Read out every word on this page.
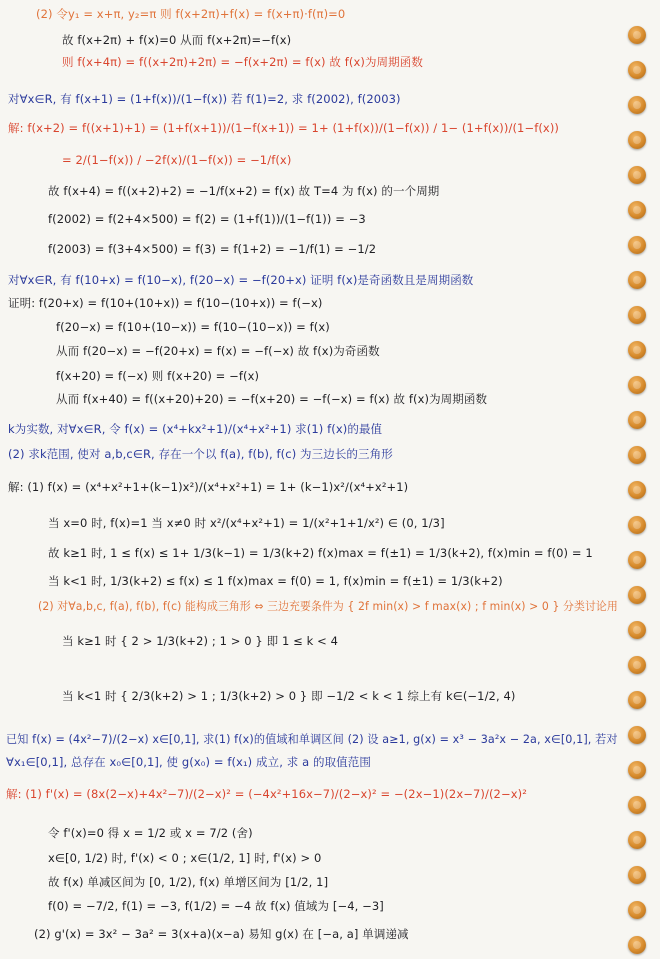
(2) 令y₁ = x+π, y₂=π 则 f(x+2π)+f(x) = f(x+π)·f(π)=0
故 f(x+2π) + f(x)=0 从而 f(x+2π)=−f(x)
则 f(x+4π) = f((x+2π)+2π) = −f(x+2π) = f(x) 故 f(x)为周期函数
对∀x∈R, 有 f(x+1) = (1+f(x))/(1−f(x)) 若 f(1)=2, 求 f(2002), f(2003)
解: f(x+2) = f((x+1)+1) = (1+f(x+1))/(1−f(x+1)) = 1+ (1+f(x))/(1−f(x)) / 1− (1+f(x))/(1−f(x))
= 2/(1−f(x)) / −2f(x)/(1−f(x)) = −1/f(x)
故 f(x+4) = f((x+2)+2) = −1/f(x+2) = f(x) 故 T=4 为 f(x) 的一个周期
f(2002) = f(2+4×500) = f(2) = (1+f(1))/(1−f(1)) = −3
f(2003) = f(3+4×500) = f(3) = f(1+2) = −1/f(1) = −1/2
对∀x∈R, 有 f(10+x) = f(10−x), f(20−x) = −f(20+x) 证明 f(x)是奇函数且是周期函数
证明: f(20+x) = f(10+(10+x)) = f(10−(10+x)) = f(−x)
f(20−x) = f(10+(10−x)) = f(10−(10−x)) = f(x)
从而 f(20−x) = −f(20+x) = f(x) = −f(−x) 故 f(x)为奇函数
f(x+20) = f(−x) 则 f(x+20) = −f(x)
从而 f(x+40) = f((x+20)+20) = −f(x+20) = −f(−x) = f(x) 故 f(x)为周期函数
k为实数, 对∀x∈R, 令 f(x) = (x⁴+kx²+1)/(x⁴+x²+1) 求(1) f(x)的最值
(2) 求k范围, 使对 a,b,c∈R, 存在一个以 f(a), f(b), f(c) 为三边长的三角形
解: (1) f(x) = (x⁴+x²+1+(k−1)x²)/(x⁴+x²+1) = 1+ (k−1)x²/(x⁴+x²+1)
当 x=0 时, f(x)=1 当 x≠0 时 x²/(x⁴+x²+1) = 1/(x²+1+1/x²) ∈ (0, 1/3]
故 k≥1 时, 1 ≤ f(x) ≤ 1+ 1/3(k−1) = 1/3(k+2) f(x)max = f(±1) = 1/3(k+2), f(x)min = f(0) = 1
当 k<1 时, 1/3(k+2) ≤ f(x) ≤ 1 f(x)max = f(0) = 1, f(x)min = f(±1) = 1/3(k+2)
(2) 对∀a,b,c, f(a), f(b), f(c) 能构成三角形 ⇔ 三边充要条件为 { 2f min(x) > f max(x) ; f min(x) > 0 } 分类讨论用
当 k≥1 时 { 2 > 1/3(k+2) ; 1 > 0 } 即 1 ≤ k < 4
当 k<1 时 { 2/3(k+2) > 1 ; 1/3(k+2) > 0 } 即 −1/2 < k < 1 综上有 k∈(−1/2, 4)
已知 f(x) = (4x²−7)/(2−x) x∈[0,1], 求(1) f(x)的值域和单调区间 (2) 设 a≥1, g(x) = x³ − 3a²x − 2a, x∈[0,1], 若对
∀x₁∈[0,1], 总存在 x₀∈[0,1], 使 g(x₀) = f(x₁) 成立, 求 a 的取值范围
解: (1) f'(x) = (8x(2−x)+4x²−7)/(2−x)² = (−4x²+16x−7)/(2−x)² = −(2x−1)(2x−7)/(2−x)²
令 f'(x)=0 得 x = 1/2 或 x = 7/2 (舍)
x∈[0, 1/2) 时, f'(x) < 0 ; x∈(1/2, 1] 时, f'(x) > 0
故 f(x) 单减区间为 [0, 1/2), f(x) 单增区间为 [1/2, 1]
f(0) = −7/2, f(1) = −3, f(1/2) = −4 故 f(x) 值域为 [−4, −3]
(2) g'(x) = 3x² − 3a² = 3(x+a)(x−a) 易知 g(x) 在 [−a, a] 单调递减
